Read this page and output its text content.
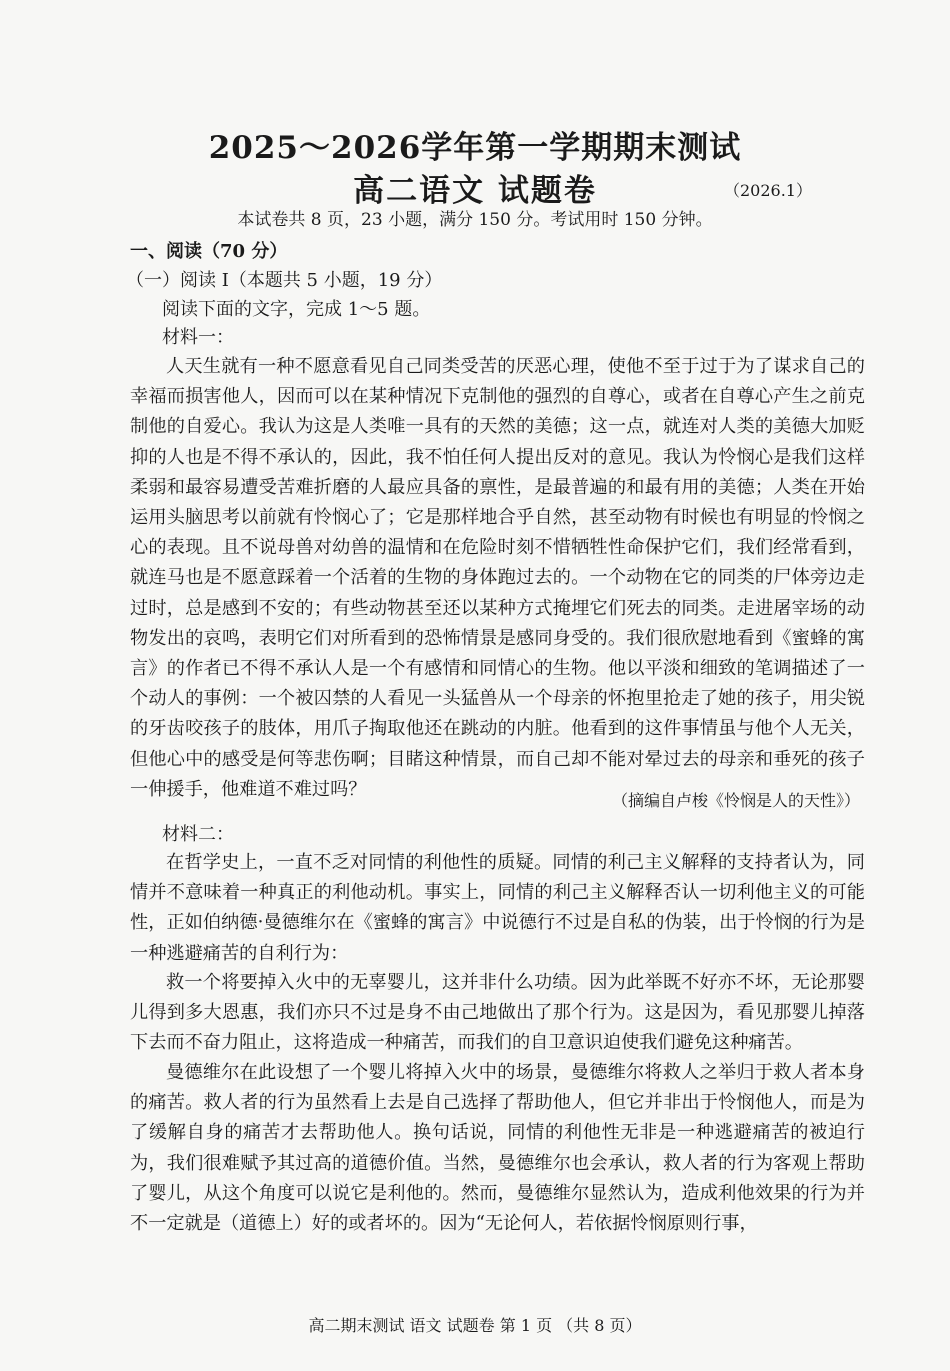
2025～2026学年第一学期期末测试
高二语文 试题卷	（2026.1）
本试卷共 8 页，23 小题，满分 150 分。考试用时 150 分钟。
一、阅读（70 分）
（一）阅读 I（本题共 5 小题，19 分）
阅读下面的文字，完成 1～5 题。
材料一：

人天生就有一种不愿意看见自己同类受苦的厌恶心理，使他不至于过于为了谋求自己的幸福而损害他人，因而可以在某种情况下克制他的强烈的自尊心，或者在自尊心产生之前克制他的自爱心。我认为这是人类唯一具有的天然的美德；这一点，就连对人类的美德大加贬抑的人也是不得不承认的，因此，我不怕任何人提出反对的意见。我认为怜悯心是我们这样柔弱和最容易遭受苦难折磨的人最应具备的禀性，是最普遍的和最有用的美德；人类在开始运用头脑思考以前就有怜悯心了；它是那样地合乎自然，甚至动物有时候也有明显的怜悯之心的表现。且不说母兽对幼兽的温情和在危险时刻不惜牺牲性命保护它们，我们经常看到，就连马也是不愿意踩着一个活着的生物的身体跑过去的。一个动物在它的同类的尸体旁边走过时，总是感到不安的；有些动物甚至还以某种方式掩埋它们死去的同类。走进屠宰场的动物发出的哀鸣，表明它们对所看到的恐怖情景是感同身受的。我们很欣慰地看到《蜜蜂的寓言》的作者已不得不承认人是一个有感情和同情心的生物。他以平淡和细致的笔调描述了一个动人的事例：一个被囚禁的人看见一头猛兽从一个母亲的怀抱里抢走了她的孩子，用尖锐的牙齿咬孩子的肢体，用爪子掏取他还在跳动的内脏。他看到的这件事情虽与他个人无关，但他心中的感受是何等悲伤啊；目睹这种情景，而自己却不能对晕过去的母亲和垂死的孩子一伸援手，他难道不难过吗？

（摘编自卢梭《怜悯是人的天性》）
材料二：

在哲学史上，一直不乏对同情的利他性的质疑。同情的利己主义解释的支持者认为，同情并不意味着一种真正的利他动机。事实上，同情的利己主义解释否认一切利他主义的可能性，正如伯纳德·曼德维尔在《蜜蜂的寓言》中说德行不过是自私的伪装，出于怜悯的行为是一种逃避痛苦的自利行为：

救一个将要掉入火中的无辜婴儿，这并非什么功绩。因为此举既不好亦不坏，无论那婴儿得到多大恩惠，我们亦只不过是身不由己地做出了那个行为。这是因为，看见那婴儿掉落下去而不奋力阻止，这将造成一种痛苦，而我们的自卫意识迫使我们避免这种痛苦。

曼德维尔在此设想了一个婴儿将掉入火中的场景，曼德维尔将救人之举归于救人者本身的痛苦。救人者的行为虽然看上去是自己选择了帮助他人，但它并非出于怜悯他人，而是为了缓解自身的痛苦才去帮助他人。换句话说，同情的利他性无非是一种逃避痛苦的被迫行为，我们很难赋予其过高的道德价值。当然，曼德维尔也会承认，救人者的行为客观上帮助了婴儿，从这个角度可以说它是利他的。然而，曼德维尔显然认为，造成利他效果的行为并不一定就是（道德上）好的或者坏的。因为“无论何人，若依据怜悯原则行事，

高二期末测试 语文 试题卷 第 1 页 （共 8 页）
